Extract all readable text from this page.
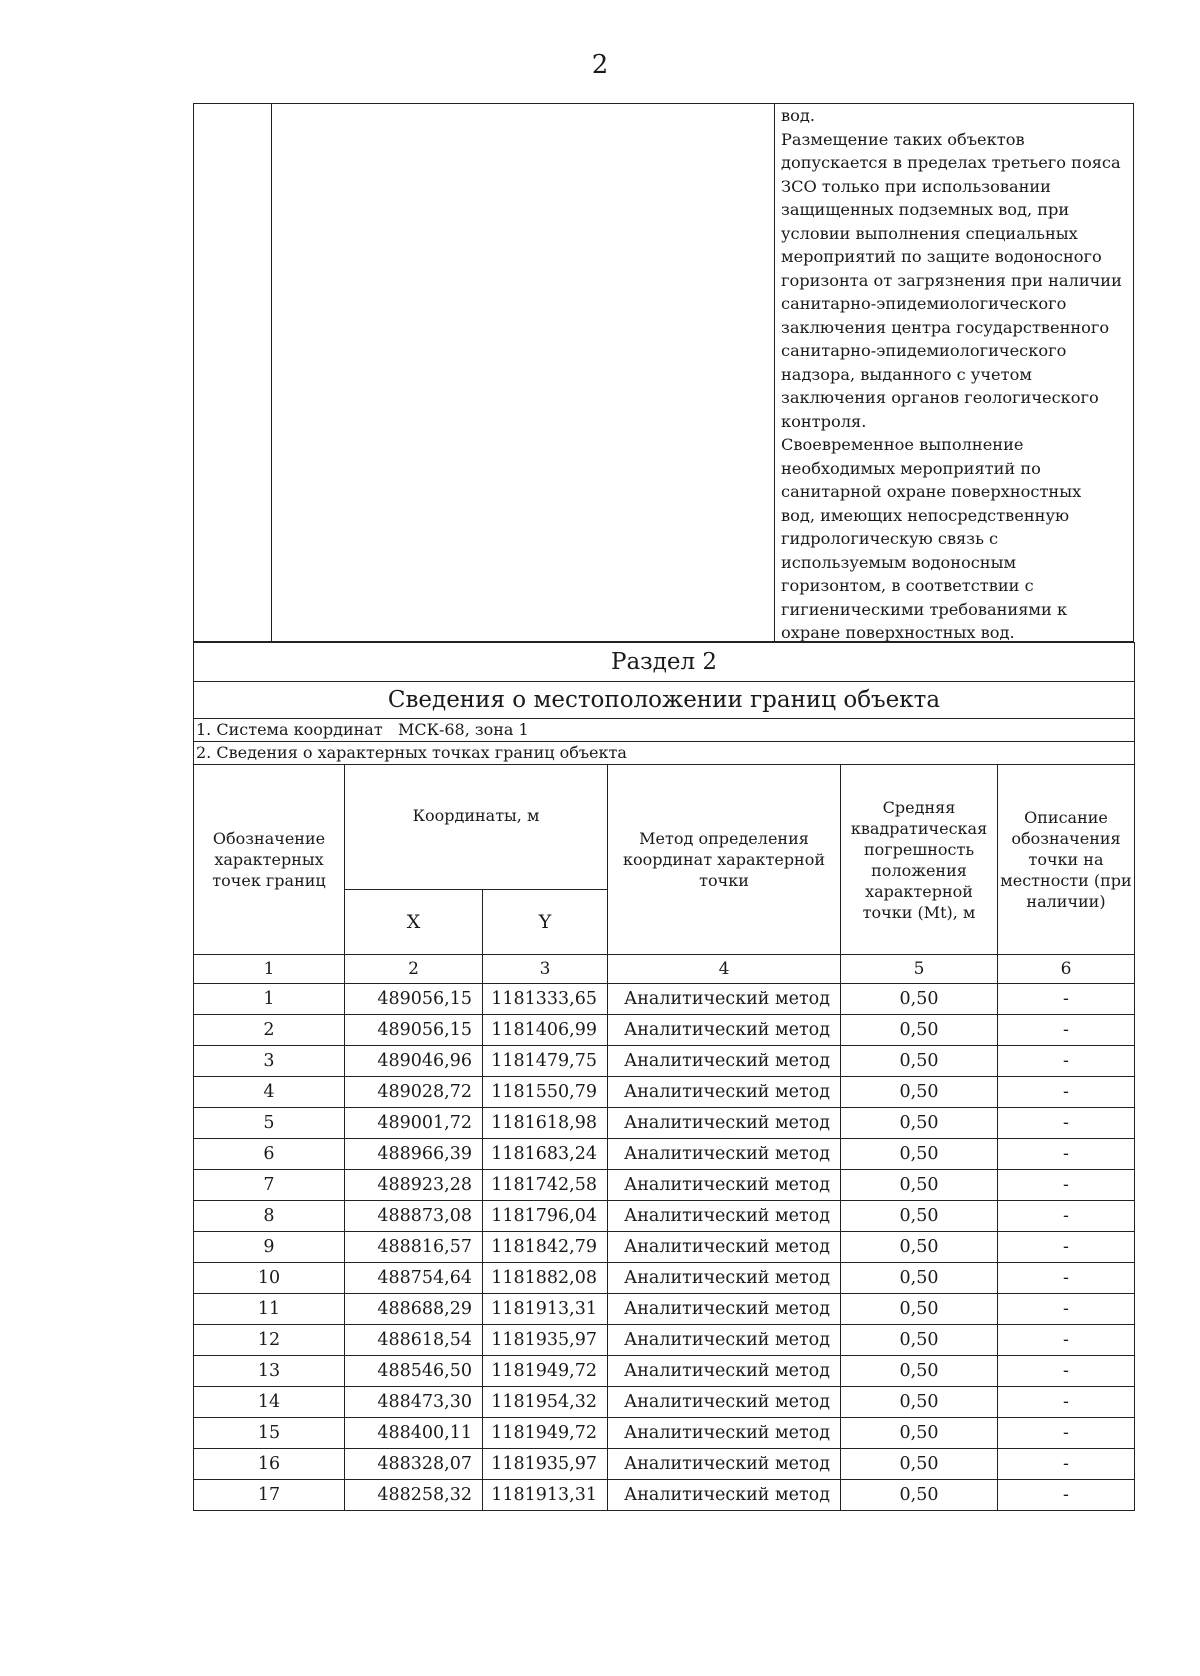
2
вод.
Размещение таких объектов
допускается в пределах третьего пояса
ЗСО только при использовании
защищенных подземных вод, при
условии выполнения специальных
мероприятий по защите водоносного
горизонта от загрязнения при наличии
санитарно-эпидемиологического
заключения центра государственного
санитарно-эпидемиологического
надзора, выданного с учетом
заключения органов геологического
контроля.
Своевременное выполнение
необходимых мероприятий по
санитарной охране поверхностных
вод, имеющих непосредственную
гидрологическую связь с
используемым водоносным
горизонтом, в соответствии с
гигиеническими требованиями к
охране поверхностных вод.
Раздел 2					
Сведения о местоположении границ объекта					
1. Система координат   МСК-68, зона 1					
2. Сведения о характерных точках границ объекта					
Обозначение характерных точек границ	Координаты, м		Метод определения координат характерной точки	Средняя квадратическая погрешность положения характерной точки (Mt), м	Описание обозначения точки на местности (при наличии)
	X	Y			
1	2	3	4	5	6
1	489056,15	1181333,65	Аналитический метод	0,50	-
2	489056,15	1181406,99	Аналитический метод	0,50	-
3	489046,96	1181479,75	Аналитический метод	0,50	-
4	489028,72	1181550,79	Аналитический метод	0,50	-
5	489001,72	1181618,98	Аналитический метод	0,50	-
6	488966,39	1181683,24	Аналитический метод	0,50	-
7	488923,28	1181742,58	Аналитический метод	0,50	-
8	488873,08	1181796,04	Аналитический метод	0,50	-
9	488816,57	1181842,79	Аналитический метод	0,50	-
10	488754,64	1181882,08	Аналитический метод	0,50	-
11	488688,29	1181913,31	Аналитический метод	0,50	-
12	488618,54	1181935,97	Аналитический метод	0,50	-
13	488546,50	1181949,72	Аналитический метод	0,50	-
14	488473,30	1181954,32	Аналитический метод	0,50	-
15	488400,11	1181949,72	Аналитический метод	0,50	-
16	488328,07	1181935,97	Аналитический метод	0,50	-
17	488258,32	1181913,31	Аналитический метод	0,50	-
